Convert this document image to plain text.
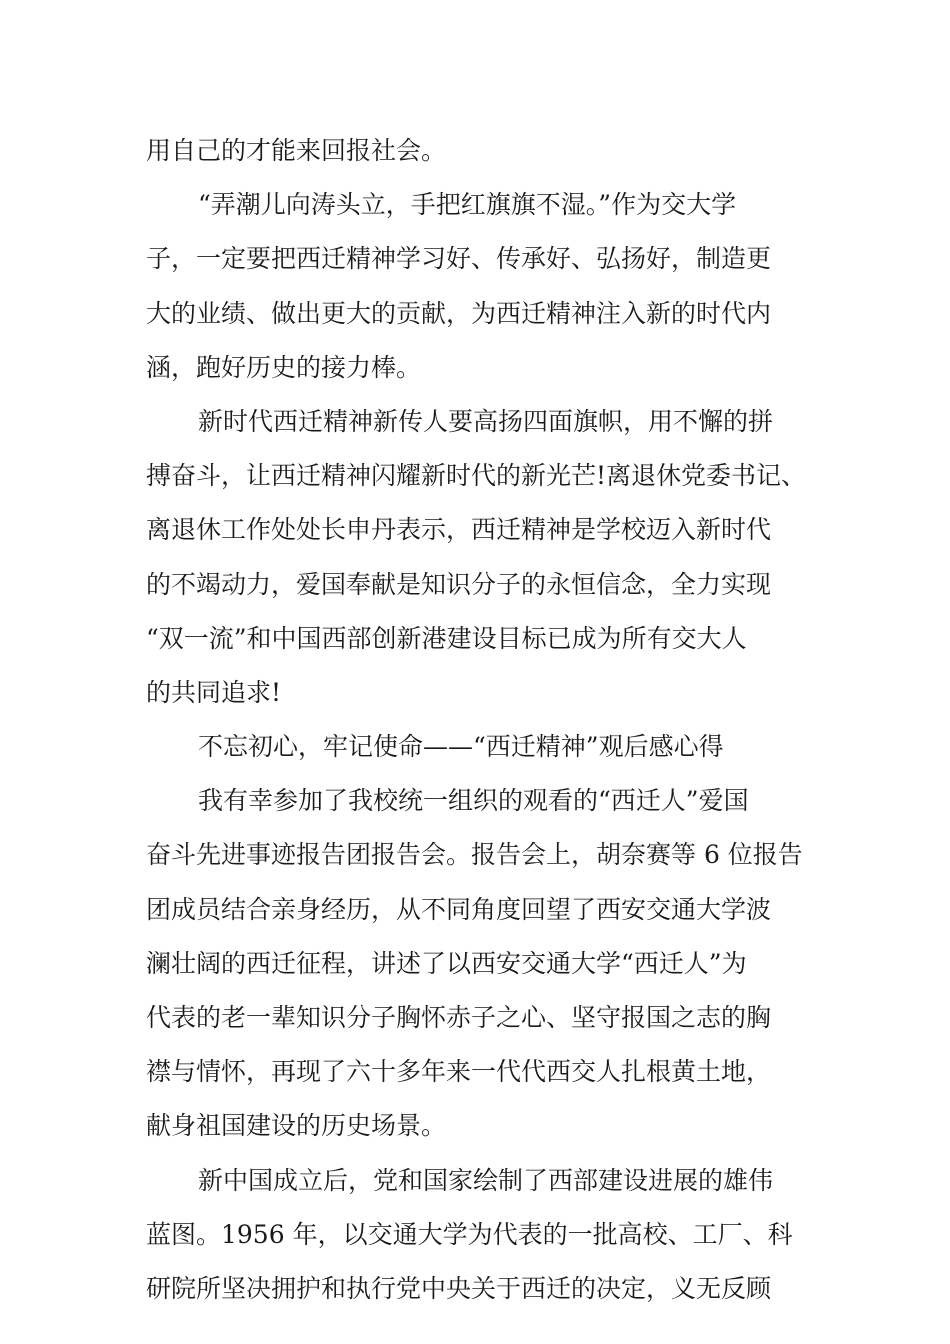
用自己的才能来回报社会。
“弄潮儿向涛头立，手把红旗旗不湿。”作为交大学
子，一定要把西迁精神学习好、传承好、弘扬好，制造更
大的业绩、做出更大的贡献，为西迁精神注入新的时代内
涵，跑好历史的接力棒。
新时代西迁精神新传人要高扬四面旗帜，用不懈的拼
搏奋斗，让西迁精神闪耀新时代的新光芒!离退休党委书记、
离退休工作处处长申丹表示，西迁精神是学校迈入新时代
的不竭动力，爱国奉献是知识分子的永恒信念，全力实现
“双一流”和中国西部创新港建设目标已成为所有交大人
的共同追求!
不忘初心，牢记使命——“西迁精神”观后感心得
我有幸参加了我校统一组织的观看的“西迁人”爱国
奋斗先进事迹报告团报告会。报告会上，胡奈赛等 6 位报告
团成员结合亲身经历，从不同角度回望了西安交通大学波
澜壮阔的西迁征程，讲述了以西安交通大学“西迁人”为
代表的老一辈知识分子胸怀赤子之心、坚守报国之志的胸
襟与情怀，再现了六十多年来一代代西交人扎根黄土地，
献身祖国建设的历史场景。
新中国成立后，党和国家绘制了西部建设进展的雄伟
蓝图。1956 年，以交通大学为代表的一批高校、工厂、科
研院所坚决拥护和执行党中央关于西迁的决定，义无反顾
